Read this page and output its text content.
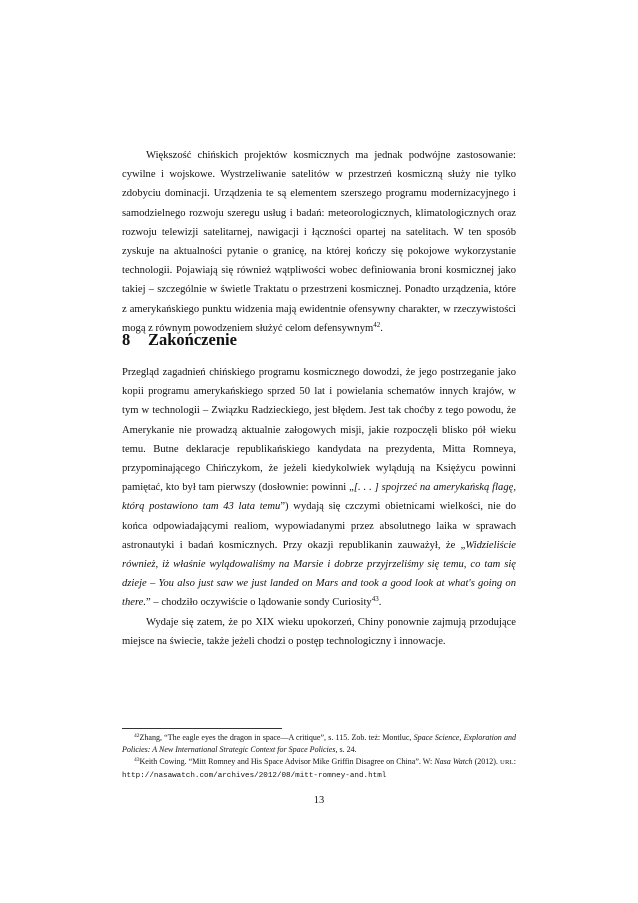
Większość chińskich projektów kosmicznych ma jednak podwójne zastosowanie: cywilne i wojskowe. Wystrzeliwanie satelitów w przestrzeń kosmiczną służy nie tylko zdobyciu dominacji. Urządzenia te są elementem szerszego programu modernizacyjnego i samodzielnego rozwoju szeregu usług i badań: meteorologicznych, klimatologicznych oraz rozwoju telewizji satelitarnej, nawigacji i łączności opartej na satelitach. W ten sposób zyskuje na aktualności pytanie o granicę, na której kończy się pokojowe wykorzystanie technologii. Pojawiają się również wątpliwości wobec definiowania broni kosmicznej jako takiej – szczególnie w świetle Traktatu o przestrzeni kosmicznej. Ponadto urządzenia, które z amerykańskiego punktu widzenia mają ewidentnie ofensywny charakter, w rzeczywistości mogą z równym powodzeniem służyć celom defensywnym$^{42}$.

8 Zakończenie

Przegląd zagadnień chińskiego programu kosmicznego dowodzi, że jego postrzeganie jako kopii programu amerykańskiego sprzed 50 lat i powielania schematów innych krajów, w tym w technologii – Związku Radzieckiego, jest błędem. Jest tak choćby z tego powodu, że Amerykanie nie prowadzą aktualnie załogowych misji, jakie rozpoczęli blisko pół wieku temu. Butne deklaracje republikańskiego kandydata na prezydenta, Mitta Romneya, przypominającego Chińczykom, że jeżeli kiedykolwiek wylądują na Księżycu powinni pamiętać, kto był tam pierwszy (dosłownie: powinni „[. . . ] spojrzeć na amerykańską flagę, którą postawiono tam 43 lata temu”) wydają się czczymi obietnicami wielkości, nie do końca odpowiadającymi realiom, wypowiadanymi przez absolutnego laika w sprawach astronautyki i badań kosmicznych. Przy okazji republikanin zauważył, że „Widzieliście również, iż właśnie wylądowaliśmy na Marsie i dobrze przyjrzeliśmy się temu, co tam się dzieje – You also just saw we just landed on Mars and took a good look at what's going on there.” – chodziło oczywiście o lądowanie sondy Curiosity$^{43}$.

Wydaje się zatem, że po XIX wieku upokorzeń, Chiny ponownie zajmują przodujące miejsce na świecie, także jeżeli chodzi o postęp technologiczny i innowacje.

$^{42}$Zhang, “The eagle eyes the dragon in space—A critique”, s. 115. Zob. też: Montluc, Space Science, Exploration and Policies: A New International Strategic Context for Space Policies, s. 24.

$^{43}$Keith Cowing. “Mitt Romney and His Space Advisor Mike Griffin Disagree on China”. W: Nasa Watch (2012). URL: http://nasawatch.com/archives/2012/08/mitt-romney-and.html

13
